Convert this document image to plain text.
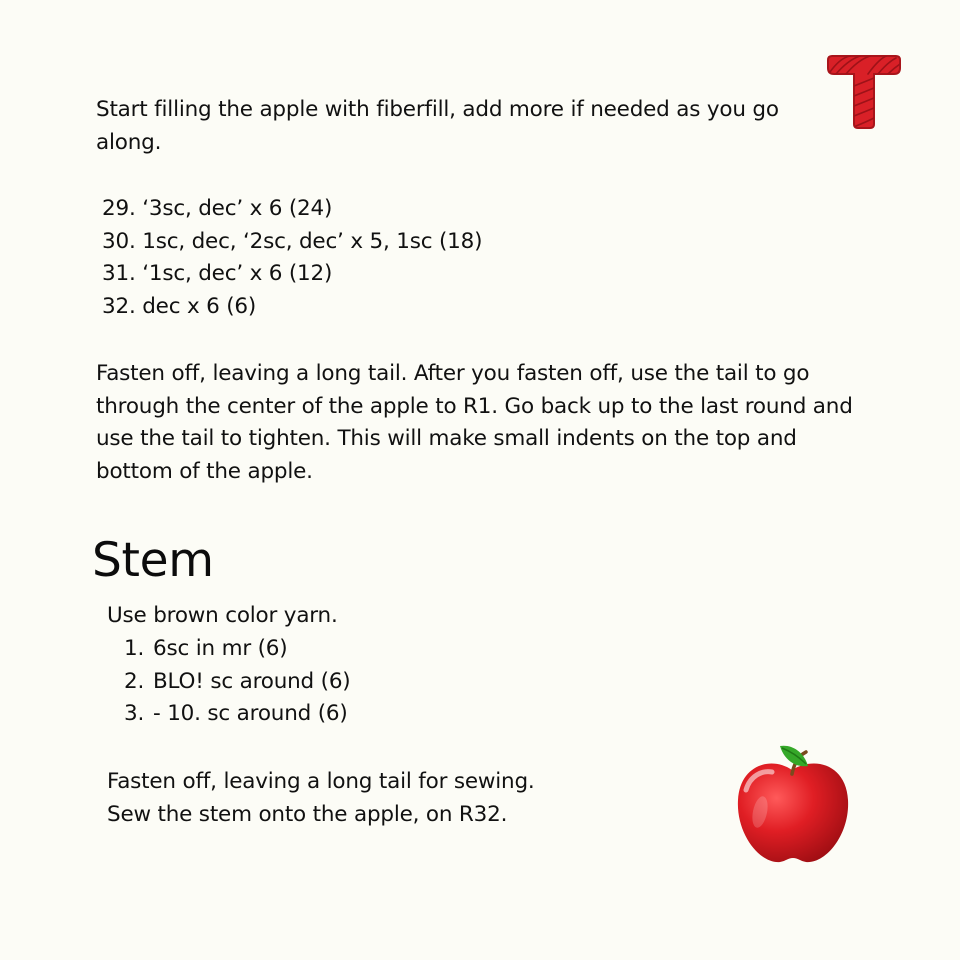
Start filling the apple with fiberfill, add more if needed as you go along.

29. ‘3sc, dec’ x 6 (24)
30. 1sc, dec, ‘2sc, dec’ x 5, 1sc (18)
31. ‘1sc, dec’ x 6 (12)
32. dec x 6 (6)

Fasten off, leaving a long tail. After you fasten off, use the tail to go through the center of the apple to R1. Go back up to the last round and use the tail to tighten. This will make small indents on the top and bottom of the apple.

Stem

Use brown color yarn.

1. 6sc in mr (6)
2. BLO! sc around (6)
3. - 10. sc around (6)
Fasten off, leaving a long tail for sewing.
Sew the stem onto the apple, on R32.
